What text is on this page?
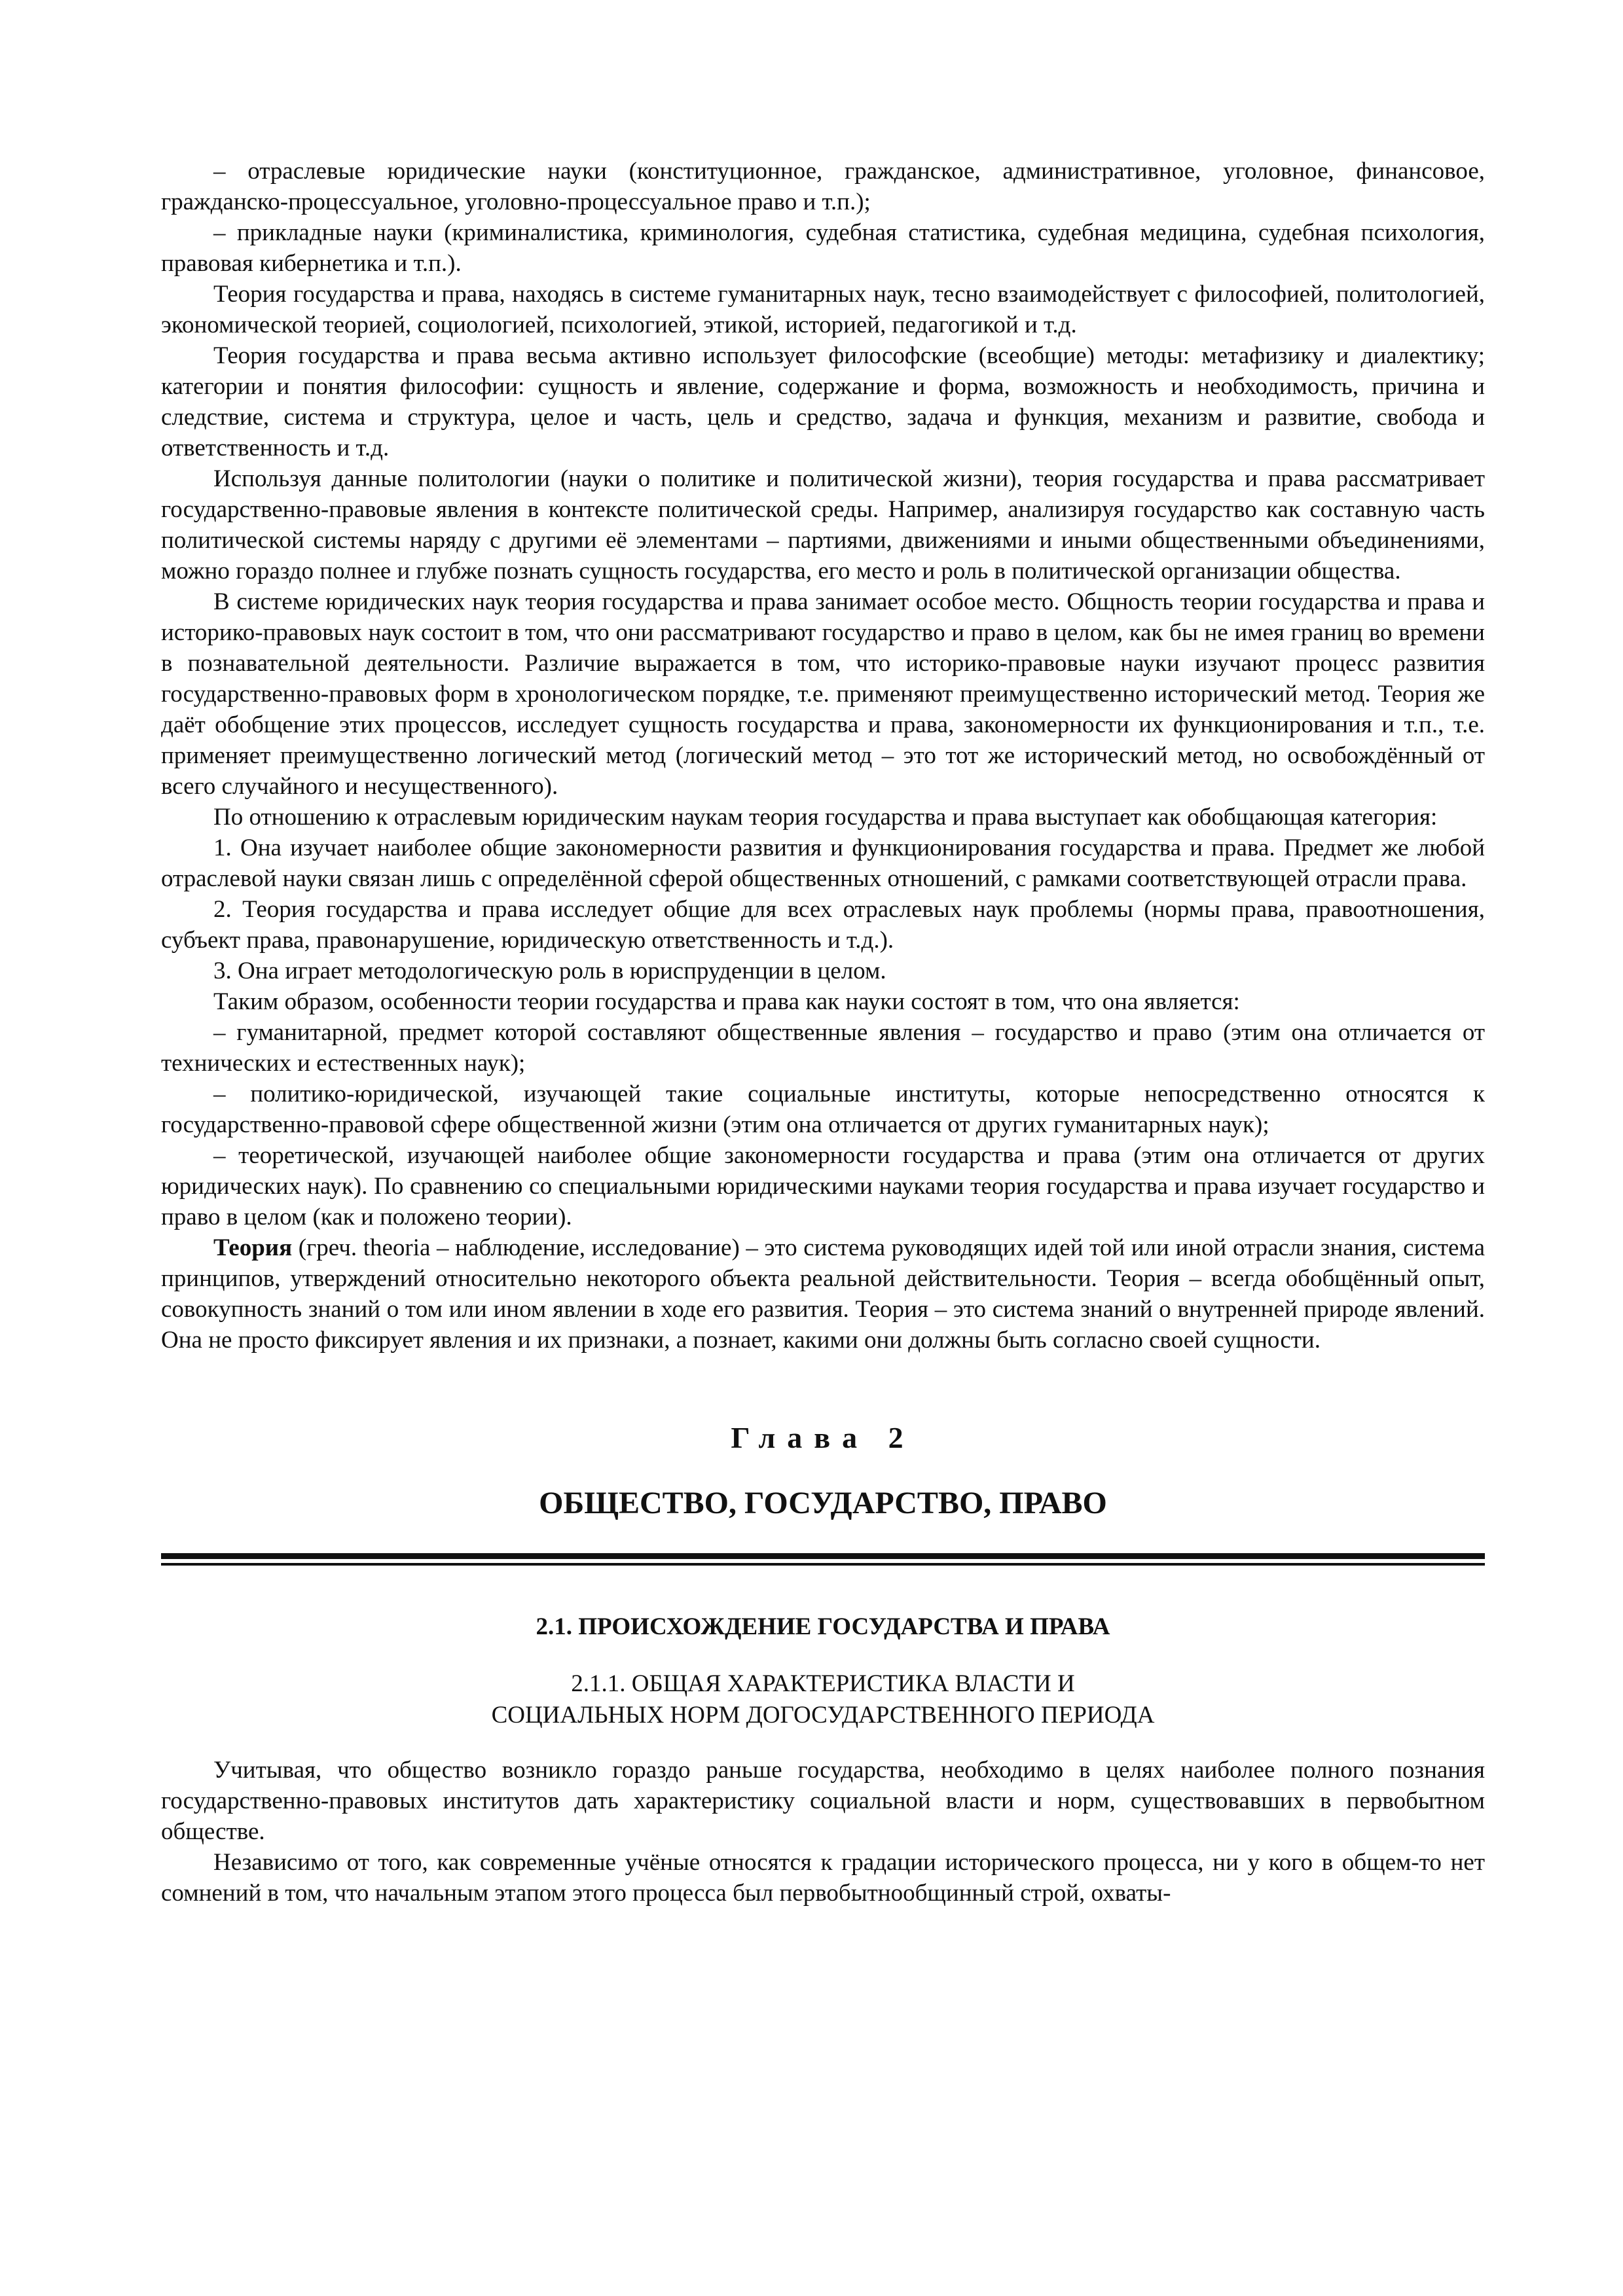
– отраслевые юридические науки (конституционное, гражданское, административное, уголовное, финансовое, гражданско-процессуальное, уголовно-процессуальное право и т.п.);

– прикладные науки (криминалистика, криминология, судебная статистика, судебная медицина, судебная психология, правовая кибернетика и т.п.).

Теория государства и права, находясь в системе гуманитарных наук, тесно взаимодействует с философией, политологией, экономической теорией, социологией, психологией, этикой, историей, педагогикой и т.д.

Теория государства и права весьма активно использует философские (всеобщие) методы: метафизику и диалектику; категории и понятия философии: сущность и явление, содержание и форма, возможность и необходимость, причина и следствие, система и структура, целое и часть, цель и средство, задача и функция, механизм и развитие, свобода и ответственность и т.д.

Используя данные политологии (науки о политике и политической жизни), теория государства и права рассматривает государственно-правовые явления в контексте политической среды. Например, анализируя государство как составную часть политической системы наряду с другими её элементами – партиями, движениями и иными общественными объединениями, можно гораздо полнее и глубже познать сущность государства, его место и роль в политической организации общества.

В системе юридических наук теория государства и права занимает особое место. Общность теории государства и права и историко-правовых наук состоит в том, что они рассматривают государство и право в целом, как бы не имея границ во времени в познавательной деятельности. Различие выражается в том, что историко-правовые науки изучают процесс развития государственно-правовых форм в хронологическом порядке, т.е. применяют преимущественно исторический метод. Теория же даёт обобщение этих процессов, исследует сущность государства и права, закономерности их функционирования и т.п., т.е. применяет преимущественно логический метод (логический метод – это тот же исторический метод, но освобождённый от всего случайного и несущественного).

По отношению к отраслевым юридическим наукам теория государства и права выступает как обобщающая категория:

1. Она изучает наиболее общие закономерности развития и функционирования государства и права. Предмет же любой отраслевой науки связан лишь с определённой сферой общественных отношений, с рамками соответствующей отрасли права.

2. Теория государства и права исследует общие для всех отраслевых наук проблемы (нормы права, правоотношения, субъект права, правонарушение, юридическую ответственность и т.д.).

3. Она играет методологическую роль в юриспруденции в целом.

Таким образом, особенности теории государства и права как науки состоят в том, что она является:

– гуманитарной, предмет которой составляют общественные явления – государство и право (этим она отличается от технических и естественных наук);

– политико-юридической, изучающей такие социальные институты, которые непосредственно относятся к государственно-правовой сфере общественной жизни (этим она отличается от других гуманитарных наук);

– теоретической, изучающей наиболее общие закономерности государства и права (этим она отличается от других юридических наук). По сравнению со специальными юридическими науками теория государства и права изучает государство и право в целом (как и положено теории).

Теория (греч. theoria – наблюдение, исследование) – это система руководящих идей той или иной отрасли знания, система принципов, утверждений относительно некоторого объекта реальной действительности. Теория – всегда обобщённый опыт, совокупность знаний о том или ином явлении в ходе его развития. Теория – это система знаний о внутренней природе явлений. Она не просто фиксирует явления и их признаки, а познает, какими они должны быть согласно своей сущности.

Глава 2
ОБЩЕСТВО, ГОСУДАРСТВО, ПРАВО
2.1. ПРОИСХОЖДЕНИЕ ГОСУДАРСТВА И ПРАВА
2.1.1. ОБЩАЯ ХАРАКТЕРИСТИКА ВЛАСТИ И
СОЦИАЛЬНЫХ НОРМ ДОГОСУДАРСТВЕННОГО ПЕРИОДА

Учитывая, что общество возникло гораздо раньше государства, необходимо в целях наиболее полного познания государственно-правовых институтов дать характеристику социальной власти и норм, существовавших в первобытном обществе.

Независимо от того, как современные учёные относятся к градации исторического процесса, ни у кого в общем-то нет сомнений в том, что начальным этапом этого процесса был первобытнообщинный строй, охваты-
